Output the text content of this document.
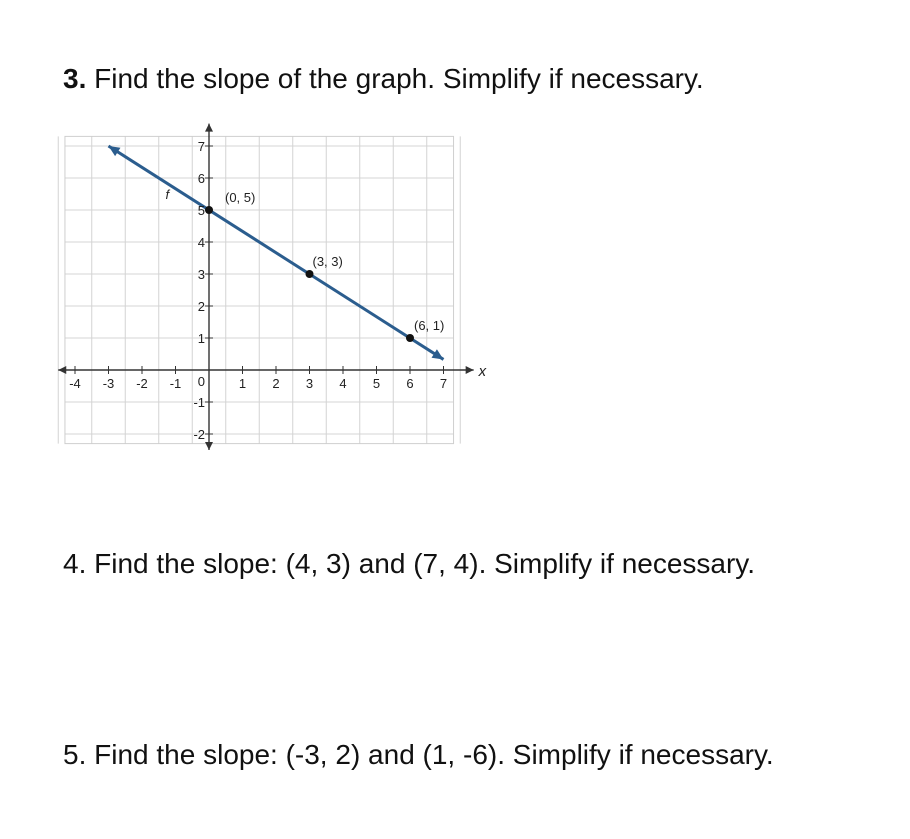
3. Find the slope of the graph. Simplify if necessary.
-4 -3 -2 -1	1 2 3 4 5 6 7
-2
-1
1
2
3
4
5
6
7
0
x
f	(0, 5)
(3, 3)
(6, 1)

4. Find the slope: (4, 3) and (7, 4). Simplify if necessary.

5. Find the slope: (-3, 2) and (1, -6). Simplify if necessary.
